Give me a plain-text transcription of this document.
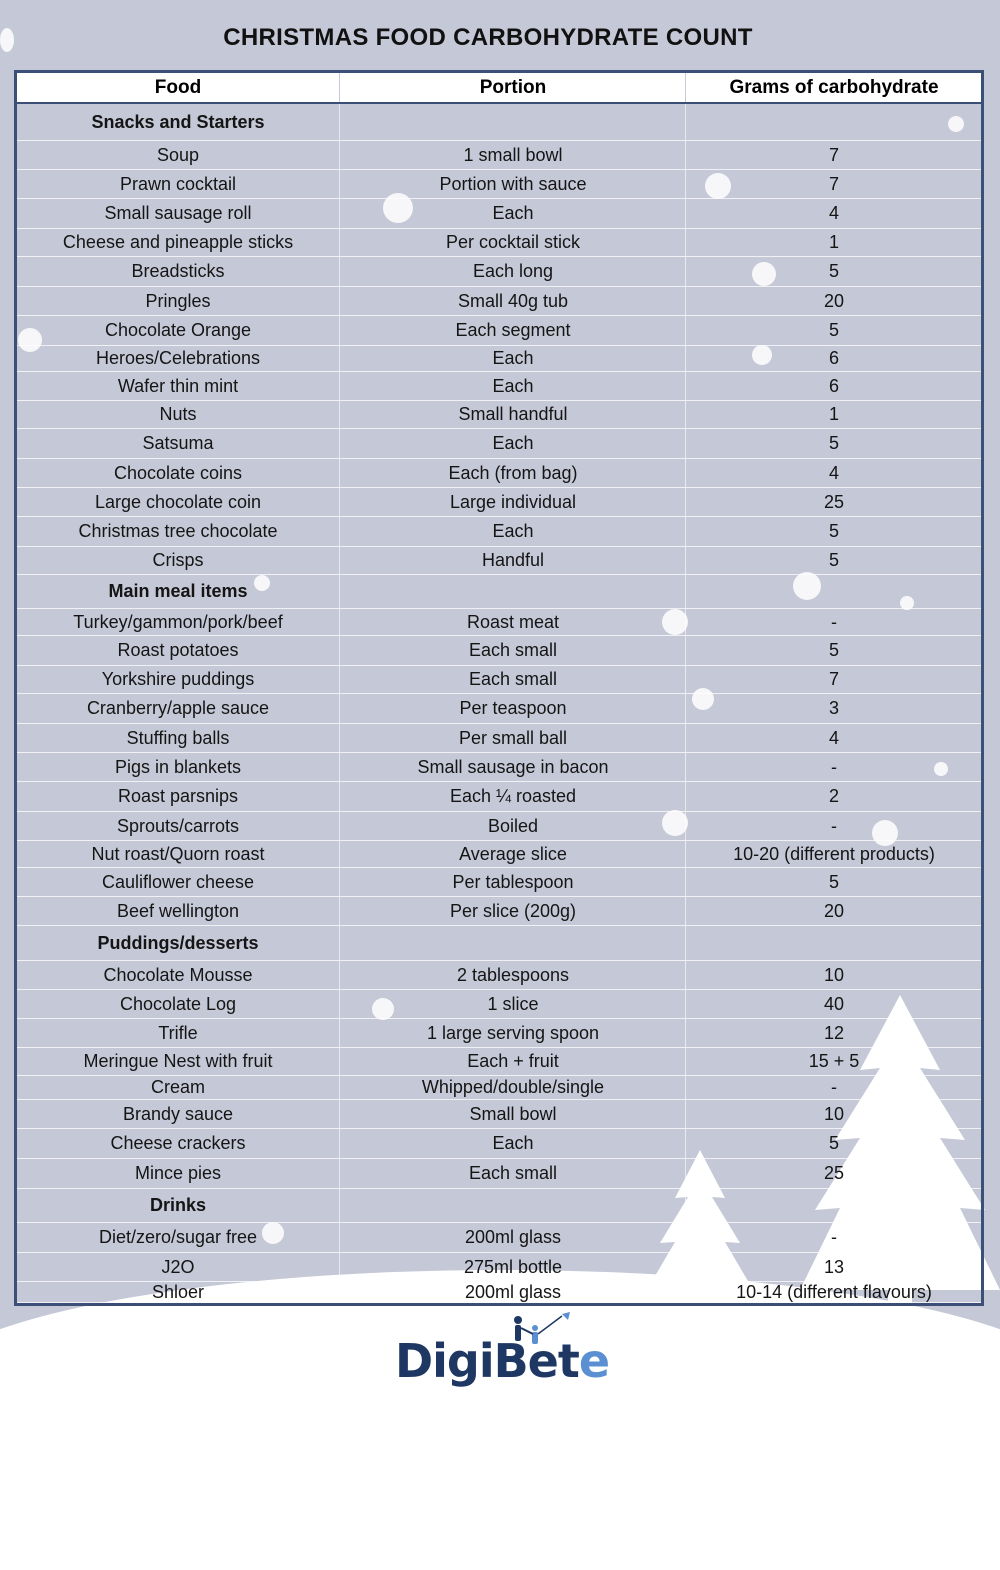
CHRISTMAS FOOD CARBOHYDRATE COUNT
Food	Portion	Grams of carbohydrate
Snacks and Starters
Soup	1 small bowl	7
Prawn cocktail	Portion with sauce	7
Small sausage roll	Each	4
Cheese and pineapple sticks	Per cocktail stick	1
Breadsticks	Each long	5
Pringles	Small 40g tub	20
Chocolate Orange	Each segment	5
Heroes/Celebrations	Each	6
Wafer thin mint	Each	6
Nuts	Small handful	1
Satsuma	Each	5
Chocolate coins	Each (from bag)	4
Large chocolate coin	Large individual	25
Christmas tree chocolate	Each	5
Crisps	Handful	5
Main meal items
Turkey/gammon/pork/beef	Roast meat	-
Roast potatoes	Each small	5
Yorkshire puddings	Each small	7
Cranberry/apple sauce	Per teaspoon	3
Stuffing balls	Per small ball	4
Pigs in blankets	Small sausage in bacon	-
Roast parsnips	Each ¼ roasted	2
Sprouts/carrots	Boiled	-
Nut roast/Quorn roast	Average slice	10-20 (different products)
Cauliflower cheese	Per tablespoon	5
Beef wellington	Per slice (200g)	20
Puddings/desserts
Chocolate Mousse	2 tablespoons	10
Chocolate Log	1 slice	40
Trifle	1 large serving spoon	12
Meringue Nest with fruit	Each + fruit	15 + 5
Cream	Whipped/double/single	-
Brandy sauce	Small bowl	10
Cheese crackers	Each	5
Mince pies	Each small	25
Drinks
Diet/zero/sugar free	200ml glass	-
J2O	275ml bottle	13
Shloer	200ml glass	10-14 (different flavours)
DigiBete
